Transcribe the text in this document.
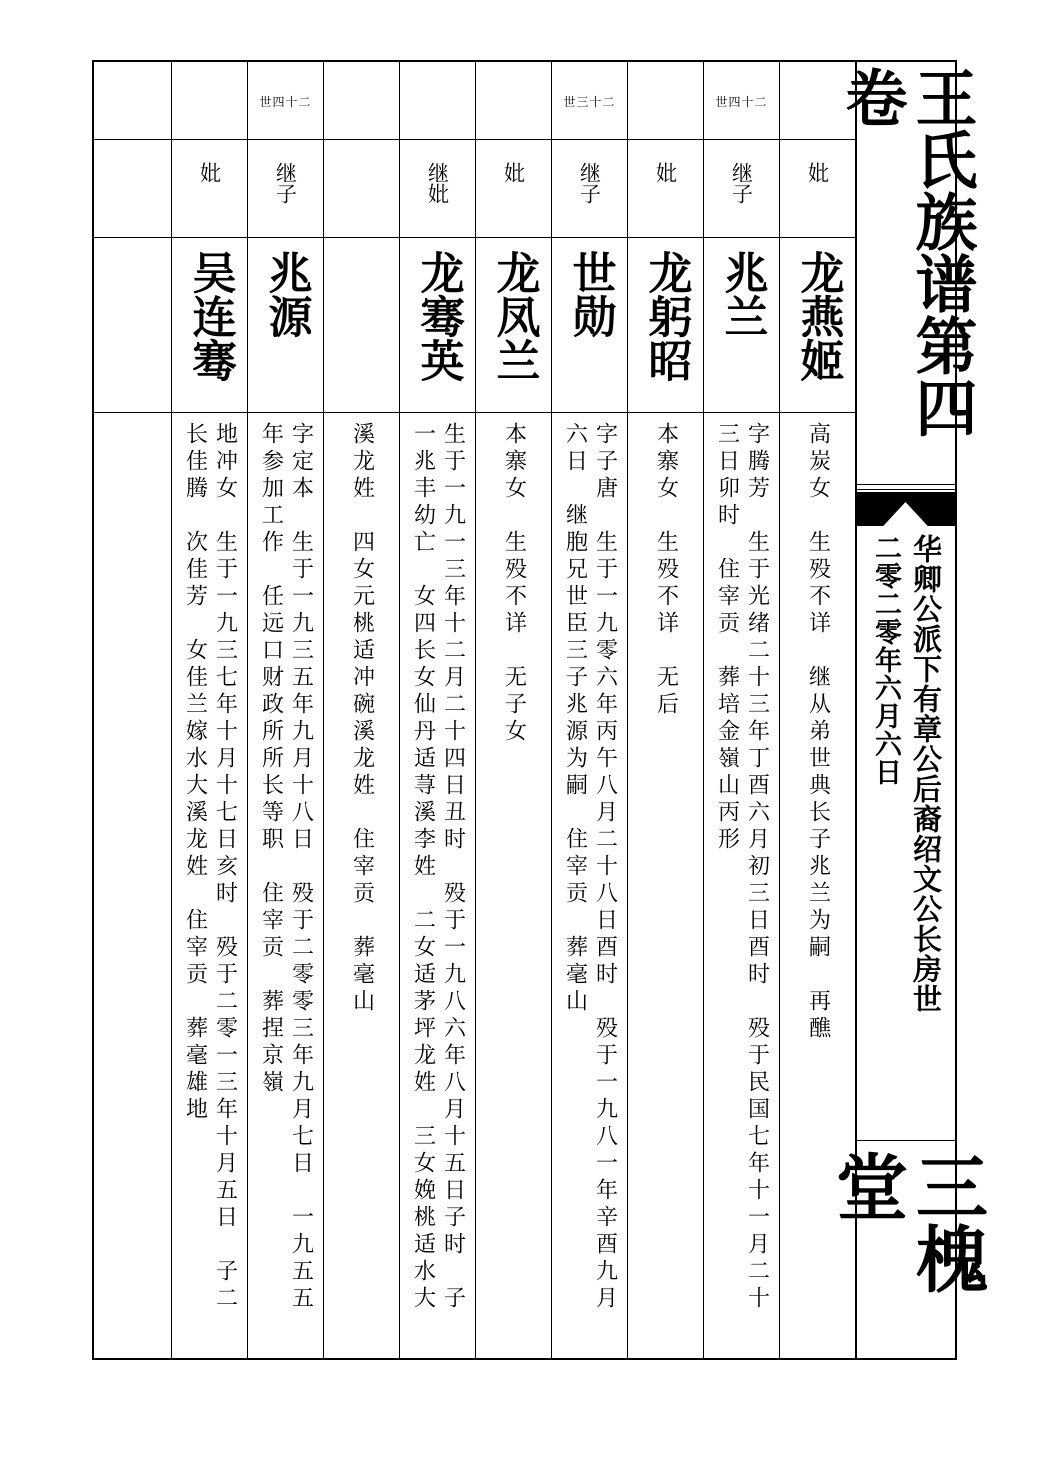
妣
龙燕姬

高炭女　生殁不详　继从弟世典长子兆兰为嗣　再醮

世四十二
继子
兆兰

字腾芳　生于光绪二十三年丁酉六月初三日酉时　殁于民国七年十一月二十

三日卯时　住宰贡　葬培金嶺山丙形

妣
龙躬昭

本寨女　生殁不详　无后

世三十二
继子
世勋

字子唐　生于一九零六年丙午八月二十八日酉时　殁于一九八一年辛酉九月

六日　继胞兄世臣三子兆源为嗣　住宰贡　葬毫山

妣
龙凤兰

本寨女　生殁不详　无子女

继妣
龙骞英

生于一九一三年十二月二十四日丑时　殁于一九八六年八月十五日子时　子

一兆丰幼亡　女四长女仙丹适荨溪李姓　二女适茅坪龙姓　三女娩桃适水大

溪龙姓　四女元桃适冲碗溪龙姓　住宰贡　葬毫山

世四十二
继子
兆源

字定本　生于一九三五年九月十八日　殁于二零零三年九月七日　一九五五

年参加工作　任远口财政所所长等职　住宰贡　葬捏京嶺

妣
吴连骞

地冲女　生于一九三七年十月十七日亥时　殁于二零一三年十月五日　子二

长佳腾　次佳芳　女佳兰嫁水大溪龙姓　住宰贡　葬毫雄地

王氏族谱第四卷
华卿公派下有章公后裔绍文公长房世
二零二零年六月六日
三槐堂
